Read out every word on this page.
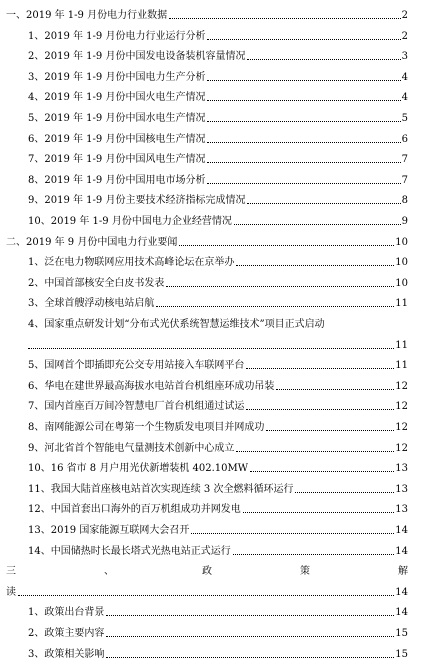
一、2019 年 1-9 月份电力行业数据	2
1、2019 年 1-9 月份电力行业运行分析	2
2、2019 年 1-9 月份中国发电设备装机容量情况	3
3、2019 年 1-9 月份中国电力生产分析	4
4、2019 年 1-9 月份中国火电生产情况	4
5、2019 年 1-9 月份中国水电生产情况	5
6、2019 年 1-9 月份中国核电生产情况	6
7、2019 年 1-9 月份中国风电生产情况	7
8、2019 年 1-9 月份中国用电市场分析	7
9、2019 年 1-9 月份主要技术经济指标完成情况	8
10、2019 年 1-9 月份中国电力企业经营情况	9
二、2019 年 9 月份中国电力行业要闻	10
1、泛在电力物联网应用技术高峰论坛在京举办	10
2、中国首部核安全白皮书发表	10
3、全球首艘浮动核电站启航	11
4、国家重点研发计划“分布式光伏系统智慧运维技术”项目正式启动
11
5、国网首个即插即充公交专用站接入车联网平台	11
6、华电在建世界最高海拔水电站首台机组座环成功吊装	12
7、国内首座百万间冷智慧电厂首台机组通过试运	12
8、南网能源公司在粤第一个生物质发电项目并网成功	12
9、河北省首个智能电气量测技术创新中心成立	12
10、16 省市 8 月户用光伏新增装机 402.10MW	13
11、我国大陆首座核电站首次实现连续 3 次全燃料循环运行	13
12、中国首套出口海外的百万机组成功并网发电	13
13、2019 国家能源互联网大会召开	14
14、中国储热时长最长塔式光热电站正式运行	14
三	、	政	策	解
读	14
1、政策出台背景	14
2、政策主要内容	15
3、政策相关影响	15
